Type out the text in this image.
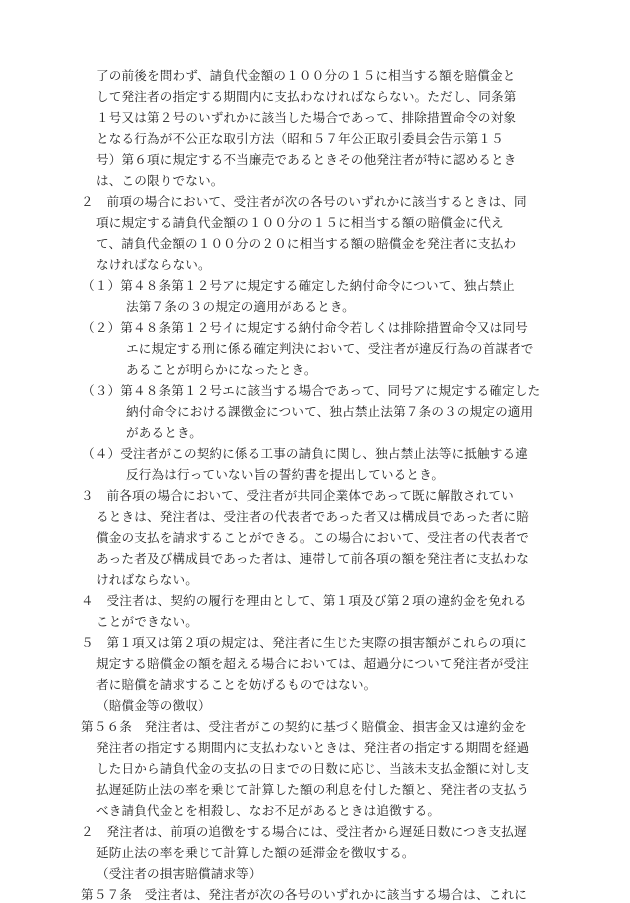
了の前後を問わず、請負代金額の１００分の１５に相当する額を賠償金と
して発注者の指定する期間内に支払わなければならない。ただし、同条第
１号又は第２号のいずれかに該当した場合であって、排除措置命令の対象
となる行為が不公正な取引方法（昭和５７年公正取引委員会告示第１５
号）第６項に規定する不当廉売であるときその他発注者が特に認めるとき
は、この限りでない。
２　前項の場合において、受注者が次の各号のいずれかに該当するときは、同
項に規定する請負代金額の１００分の１５に相当する額の賠償金に代え
て、請負代金額の１００分の２０に相当する額の賠償金を発注者に支払わ
なければならない。
（１）第４８条第１２号アに規定する確定した納付命令について、独占禁止
法第７条の３の規定の適用があるとき。
（２）第４８条第１２号イに規定する納付命令若しくは排除措置命令又は同号
エに規定する刑に係る確定判決において、受注者が違反行為の首謀者で
あることが明らかになったとき。
（３）第４８条第１２号エに該当する場合であって、同号アに規定する確定した
納付命令における課徴金について、独占禁止法第７条の３の規定の適用
があるとき。
（４）受注者がこの契約に係る工事の請負に関し、独占禁止法等に抵触する違
反行為は行っていない旨の誓約書を提出しているとき。
３　前各項の場合において、受注者が共同企業体であって既に解散されてい
るときは、発注者は、受注者の代表者であった者又は構成員であった者に賠
償金の支払を請求することができる。この場合において、受注者の代表者で
あった者及び構成員であった者は、連帯して前各項の額を発注者に支払わな
ければならない。
４　受注者は、契約の履行を理由として、第１項及び第２項の違約金を免れる
ことができない。
５　第１項又は第２項の規定は、発注者に生じた実際の損害額がこれらの項に
規定する賠償金の額を超える場合においては、超過分について発注者が受注
者に賠償を請求することを妨げるものではない。
（賠償金等の徴収）
第５６条　発注者は、受注者がこの契約に基づく賠償金、損害金又は違約金を
発注者の指定する期間内に支払わないときは、発注者の指定する期間を経過
した日から請負代金の支払の日までの日数に応じ、当該未支払金額に対し支
払遅延防止法の率を乗じて計算した額の利息を付した額と、発注者の支払う
べき請負代金とを相殺し、なお不足があるときは追徴する。
２　発注者は、前項の追徴をする場合には、受注者から遅延日数につき支払遅
延防止法の率を乗じて計算した額の延滞金を徴収する。
（受注者の損害賠償請求等）
第５７条　受注者は、発注者が次の各号のいずれかに該当する場合は、これに
